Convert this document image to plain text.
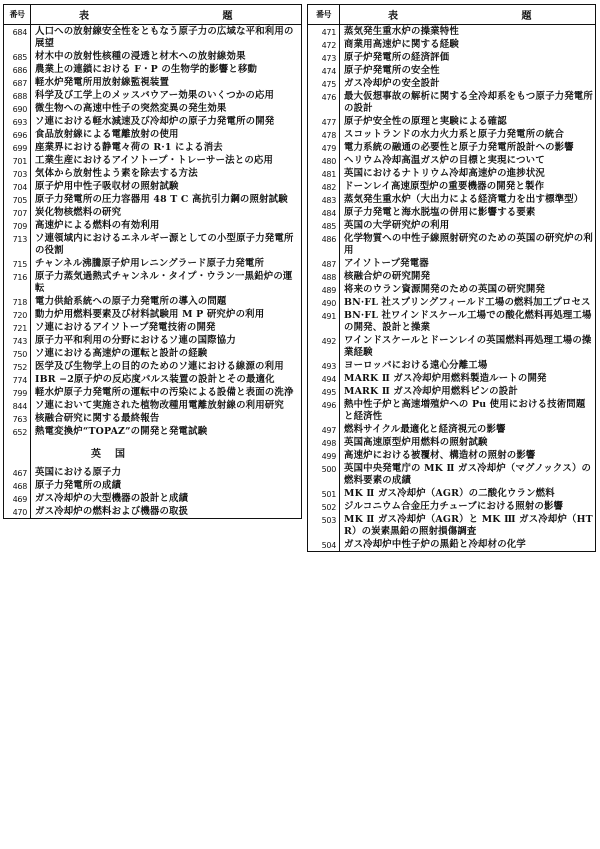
番号	表 題
684	人口への放射線安全性をともなう原子力の広域な平和利用の展望
685	材木中の放射性核種の浸透と材木への放射線効果
686	農業上の連鎖における F・P の生物学的影響と移動
687	軽水炉発電所用放射線監視装置
688	科学及び工学上のメッスバウアー効果のいくつかの応用
690	微生物への高速中性子の突然変異の発生効果
693	ソ連における軽水減速及び冷却炉の原子力発電所の開発
696	食品放射線による電離放射の使用
699	座業界における静電々荷の R·1 による消去
701	工業生産におけるアイソトープ・トレーサー法との応用
703	気体から放射性よう素を除去する方法
704	原子炉用中性子吸収材の照射試験
705	原子力発電所の圧力容器用 48 T C 高抗引力鋼の照射試験
707	炭化物核燃料の研究
709	高速炉による燃料の有効利用
713	ソ連領域内におけるエネルギー源としての小型原子力発電所の役割
715	チャンネル沸騰原子炉用レニングラード原子力発電所
716	原子力蒸気過熱式チャンネル・タイプ・ウラン一黒鉛炉の運転
718	電力供給系統への原子力発電所の導入の問題
720	動力炉用燃料要素及び材料試験用 M P 研究炉の利用
721	ソ連におけるアイソトープ発電技術の開発
743	原子力平和利用の分野におけるソ連の国際協力
750	ソ連における高速炉の運転と設計の経験
752	医学及び生物学上の目的のためのソ連における線源の利用
774	IBR −2原子炉の反応度パルス装置の設計とその最適化
799	軽水炉原子力発電所の運転中の汚染による設備と表面の洗浄
844	ソ連において実施された植物改種用電離放射線の利用研究
763	核融合研究に関する最終報告
652	熱電変換炉“TOPAZ”の開発と発電試験
	英国
467	英国における原子力
468	原子力発電所の成績
469	ガス冷却炉の大型機器の設計と成績
470	ガス冷却炉の燃料および機器の取扱
番号	表 題
471	蒸気発生重水炉の操業特性
472	商業用高速炉に関する経験
473	原子炉発電所の経済評価
474	原子炉発電所の安全性
475	ガス冷却炉の安全設計
476	最大仮想事故の解析に関する全冷却系をもつ原子力発電所の設計
477	原子炉安全性の原理と実験による確認
478	スコットランドの水力火力系と原子力発電所の統合
479	電力系統の融通の必要性と原子力発電所設計への影響
480	ヘリウム冷却高温ガス炉の目標と実現について
481	英国におけるナトリウム冷却高速炉の進捗状況
482	ドーンレイ高速原型炉の重要機器の開発と製作
483	蒸気発生重水炉（大出力による経済電力を出す標準型）
484	原子力発電と海水脱塩の併用に影響する要素
485	英国の大学研究炉の利用
486	化学物質への中性子線照射研究のための英国の研究炉の利用
487	アイソトープ発電器
488	核融合炉の研究開発
489	将来のウラン資源開発のための英国の研究開発
490	BN·FL 社スプリングフィールド工場の燃料加工プロセス
491	BN·FL 社ワインドスケール工場での酸化燃料再処理工場の開発、設計と操業
492	ワインドスケールとドーンレイの英国燃料再処理工場の操業経験
493	ヨーロッパにおける遠心分離工場
494	MARK Ⅱ ガス冷却炉用燃料製造ルートの開発
495	MARK Ⅱ ガス冷却炉用燃料ピンの設計
496	熱中性子炉と高速増殖炉への Pu 使用における技術問題と経済性
497	燃料サイクル最適化と経済視元の影響
498	英国高速原型炉用燃料の照射試験
499	高速炉における被覆材、構造材の照射の影響
500	英国中央発電庁の MK Ⅱ ガス冷却炉（マグノックス）の燃料要素の成績
501	MK Ⅱ ガス冷却炉（AGR）の二酸化ウラン燃料
502	ジルコニウム合金圧力チューブにおける照射の影響
503	MK Ⅱ ガス冷却炉（AGR）と MK Ⅲ ガス冷却炉（HTR）の炭素黒鉛の照射損傷調査
504	ガス冷却炉中性子炉の黒鉛と冷却材の化学
